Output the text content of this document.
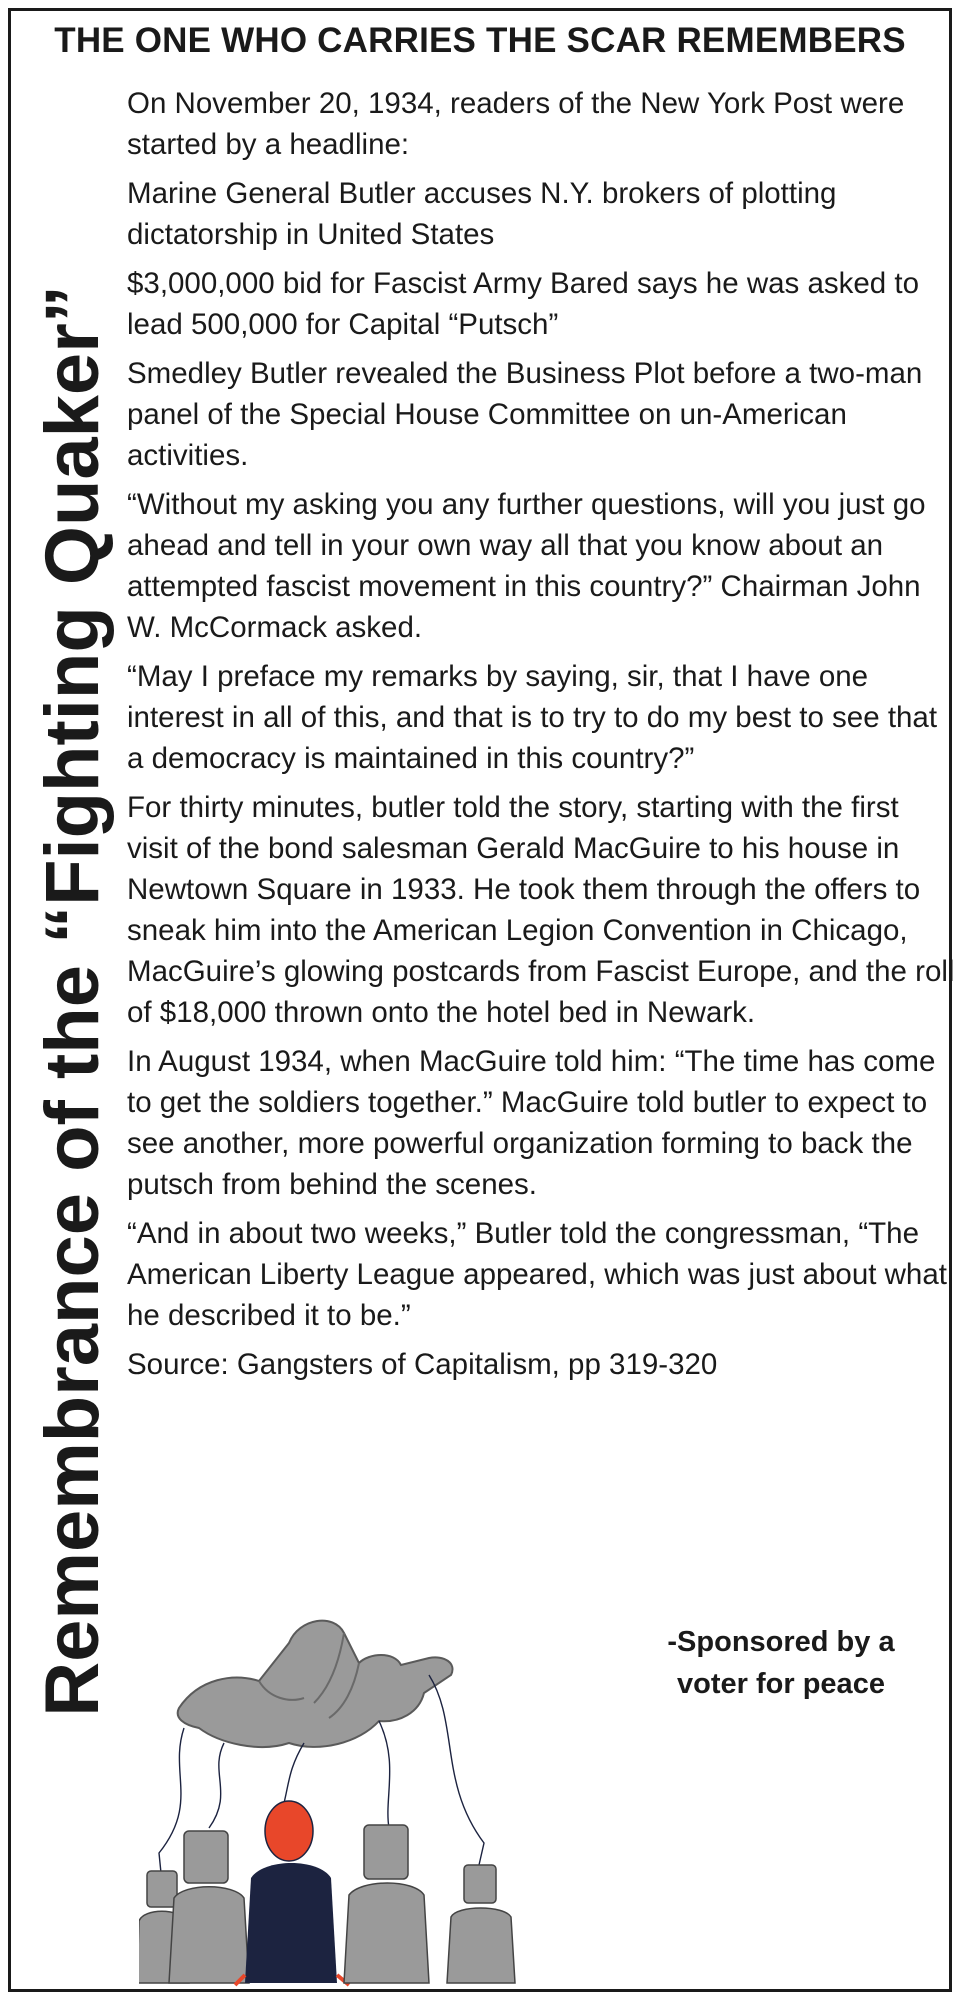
THE ONE WHO CARRIES THE SCAR REMEMBERS
Remembrance of the “Fighting Quaker”

On November 20, 1934, readers of the New York Post were started by a headline:

Marine General Butler accuses N.Y. brokers of plotting dictatorship in United States

$3,000,000 bid for Fascist Army Bared says he was asked to lead 500,000 for Capital “Putsch”

Smedley Butler revealed the Business Plot before a two-man panel of the Special House Committee on un-American activities.

“Without my asking you any further questions, will you just go ahead and tell in your own way all that you know about an attempted fascist movement in this country?” Chairman John W. McCormack asked.

“May I preface my remarks by saying, sir, that I have one interest in all of this, and that is to try to do my best to see that a democracy is maintained in this country?”

For thirty minutes, butler told the story, starting with the first visit of the bond salesman Gerald MacGuire to his house in Newtown Square in 1933. He took them through the offers to sneak him into the American Legion Convention in Chicago, MacGuire’s glowing postcards from Fascist Europe, and the roll of $18,000 thrown onto the hotel bed in Newark.

In August 1934, when MacGuire told him: “The time has come to get the soldiers together.” MacGuire told butler to expect to see another, more powerful organization forming to back the putsch from behind the scenes.

“And in about two weeks,” Butler told the congressman, “The American Liberty League appeared, which was just about what he described it to be.”

Source: Gangsters of Capitalism, pp 319-320

-Sponsored by a
voter for peace
